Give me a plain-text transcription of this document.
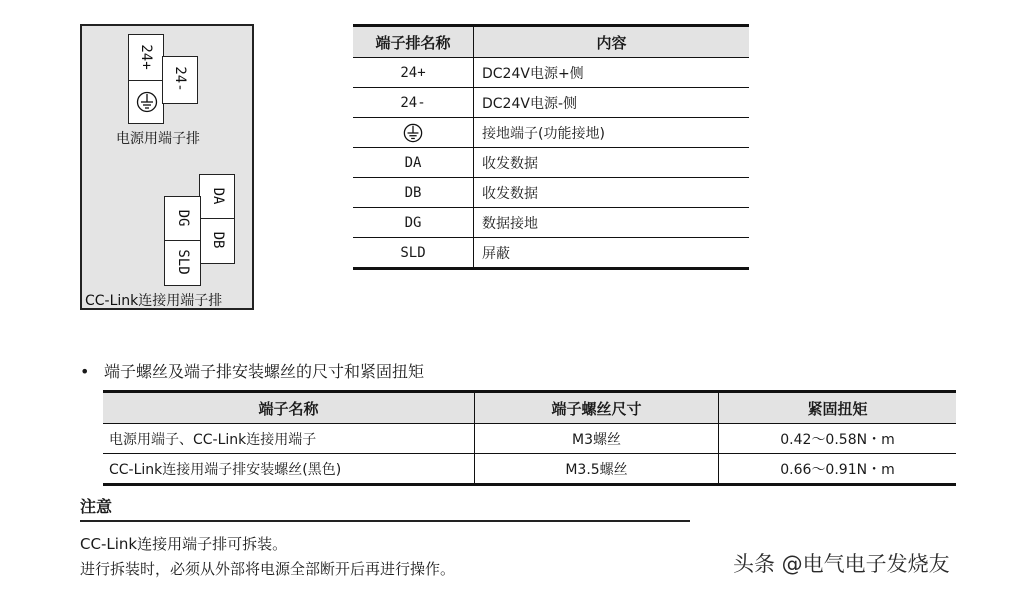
24+
24-
电源用端子排
DA
DB
DG
SLD
CC-Link连接用端子排
端子排名称	内容
24+	DC24V电源+侧
24-	DC24V电源-侧
	接地端子(功能接地)
DA	收发数据
DB	收发数据
DG	数据接地
SLD	屏蔽
• 端子螺丝及端子排安装螺丝的尺寸和紧固扭矩
端子名称	端子螺丝尺寸	紧固扭矩
电源用端子、CC-Link连接用端子	M3螺丝	0.42～0.58N・m
CC-Link连接用端子排安装螺丝(黑色)	M3.5螺丝	0.66～0.91N・m
注意
CC-Link连接用端子排可拆装。
进行拆装时，必须从外部将电源全部断开后再进行操作。	头条 @电气电子发烧友
